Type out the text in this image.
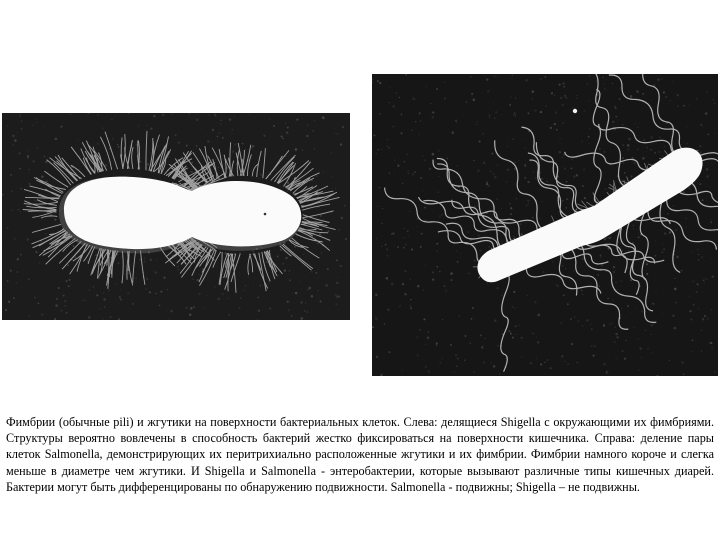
Фимбрии (обычные pili) и жгутики на поверхности бактериальных клеток. Слева: делящиеся Shigella с окружающими их фимбриями. Структуры вероятно вовлечены в способность бактерий жестко фиксироваться на поверхности кишечника. Справа: деление пары клеток Salmonella, демонстрирующих их перитрихиально расположенные жгутики и их фимбрии. Фимбрии намного короче и слегка меньше в диаметре чем жгутики. И Shigella и Salmonella - энтеробактерии, которые вызывают различные типы кишечных диарей. Бактерии могут быть дифференцированы по обнаружению подвижности. Salmonella - подвижны; Shigella – не подвижны.
